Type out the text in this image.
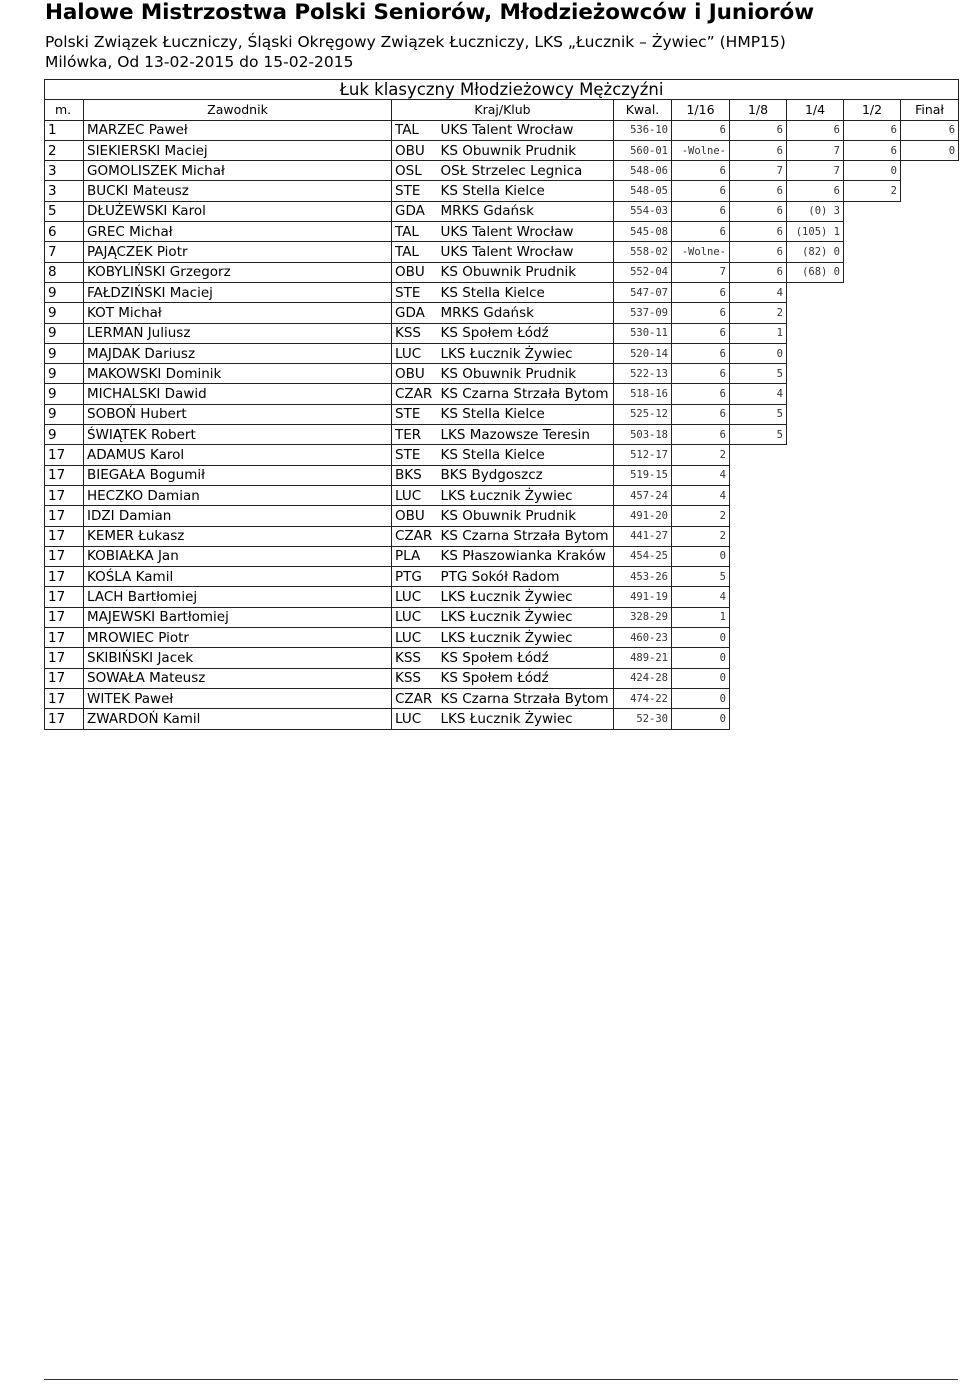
Halowe Mistrzostwa Polski Seniorów, Młodzieżowców i Juniorów
Polski Związek Łuczniczy, Śląski Okręgowy Związek Łuczniczy, LKS „Łucznik – Żywiec” (HMP15)
Milówka, Od 13-02-2015 do 15-02-2015
Łuk klasyczny Młodzieżowcy Mężczyźni									
m.	Zawodnik	Kraj/Klub		Kwal.	1/16	1/8	1/4	1/2	Finał
1	MARZEC Paweł	TAL	UKS Talent Wrocław	536-10	6	6	6	6	6
2	SIEKIERSKI Maciej	OBU	KS Obuwnik Prudnik	560-01	-Wolne-	6	7	6	0
3	GOMOLISZEK Michał	OSL	OSŁ Strzelec Legnica	548-06	6	7	7	0	
3	BUCKI Mateusz	STE	KS Stella Kielce	548-05	6	6	6	2	
5	DŁUŻEWSKI Karol	GDA	MRKS Gdańsk	554-03	6	6	(0) 3		
6	GREC Michał	TAL	UKS Talent Wrocław	545-08	6	6	(105) 1		
7	PAJĄCZEK Piotr	TAL	UKS Talent Wrocław	558-02	-Wolne-	6	(82) 0		
8	KOBYLIŃSKI Grzegorz	OBU	KS Obuwnik Prudnik	552-04	7	6	(68) 0		
9	FAŁDZIŃSKI Maciej	STE	KS Stella Kielce	547-07	6	4			
9	KOT Michał	GDA	MRKS Gdańsk	537-09	6	2			
9	LERMAN Juliusz	KSS	KS Społem Łódź	530-11	6	1			
9	MAJDAK Dariusz	LUC	LKS Łucznik Żywiec	520-14	6	0			
9	MAKOWSKI Dominik	OBU	KS Obuwnik Prudnik	522-13	6	5			
9	MICHALSKI Dawid	CZAR	KS Czarna Strzała Bytom	518-16	6	4			
9	SOBOŃ Hubert	STE	KS Stella Kielce	525-12	6	5			
9	ŚWIĄTEK Robert	TER	LKS Mazowsze Teresin	503-18	6	5			
17	ADAMUS Karol	STE	KS Stella Kielce	512-17	2				
17	BIEGAŁA Bogumił	BKS	BKS Bydgoszcz	519-15	4				
17	HECZKO Damian	LUC	LKS Łucznik Żywiec	457-24	4				
17	IDZI Damian	OBU	KS Obuwnik Prudnik	491-20	2				
17	KEMER Łukasz	CZAR	KS Czarna Strzała Bytom	441-27	2				
17	KOBIAŁKA Jan	PLA	KS Płaszowianka Kraków	454-25	0				
17	KOŚLA Kamil	PTG	PTG Sokół Radom	453-26	5				
17	LACH Bartłomiej	LUC	LKS Łucznik Żywiec	491-19	4				
17	MAJEWSKI Bartłomiej	LUC	LKS Łucznik Żywiec	328-29	1				
17	MROWIEC Piotr	LUC	LKS Łucznik Żywiec	460-23	0				
17	SKIBIŃSKI Jacek	KSS	KS Społem Łódź	489-21	0				
17	SOWAŁA Mateusz	KSS	KS Społem Łódź	424-28	0				
17	WITEK Paweł	CZAR	KS Czarna Strzała Bytom	474-22	0				
17	ZWARDOŃ Kamil	LUC	LKS Łucznik Żywiec	52-30	0				
